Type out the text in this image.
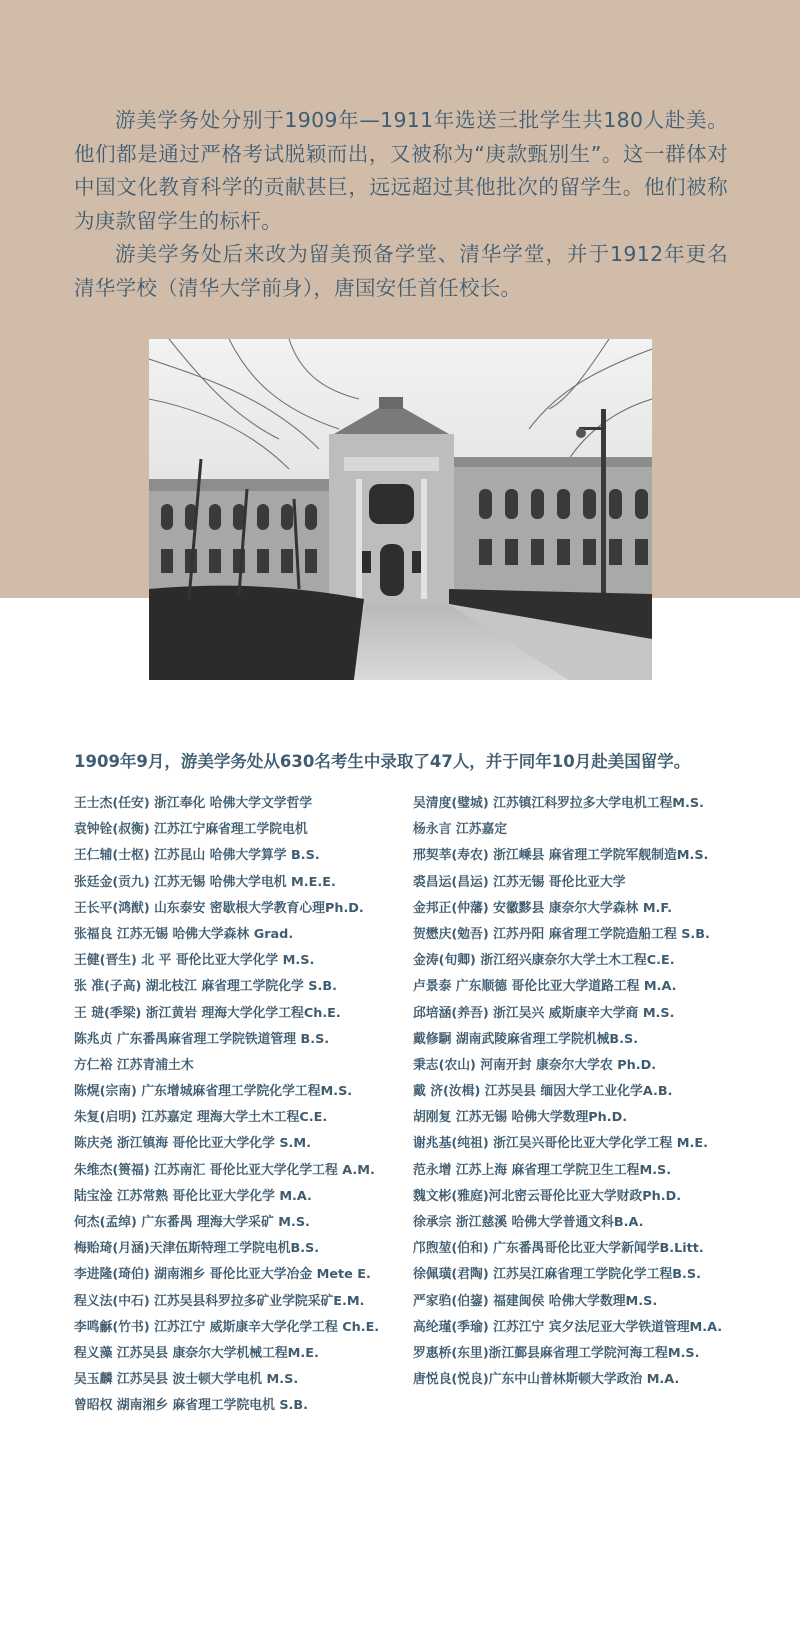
游美学务处分别于1909年—1911年选送三批学生共180人赴美。他们都是通过严格考试脱颖而出，又被称为“庚款甄别生”。这一群体对中国文化教育科学的贡献甚巨，远远超过其他批次的留学生。他们被称为庚款留学生的标杆。

游美学务处后来改为留美预备学堂、清华学堂，并于1912年更名清华学校（清华大学前身），唐国安任首任校长。

1909年9月，游美学务处从630名考生中录取了47人，并于同年10月赴美国留学。
王士杰(任安) 浙江奉化 哈佛大学文学哲学
袁钟铨(叔衡) 江苏江宁麻省理工学院电机
王仁辅(士枢) 江苏昆山 哈佛大学算学 B.S.
张廷金(贡九) 江苏无锡 哈佛大学电机 M.E.E.
王长平(鸿猷) 山东泰安 密歇根大学教育心理Ph.D.
张福良 江苏无锡 哈佛大学森林 Grad.
王健(晋生) 北 平 哥伦比亚大学化学 M.S.
张 准(子高) 湖北枝江 麻省理工学院化学 S.B.
王 琎(季梁) 浙江黄岩 理海大学化学工程Ch.E.
陈兆贞 广东番禺麻省理工学院铁道管理 B.S.
方仁裕 江苏青浦土木
陈熀(宗南) 广东增城麻省理工学院化学工程M.S.
朱复(启明) 江苏嘉定 理海大学土木工程C.E.
陈庆尧 浙江镇海 哥伦比亚大学化学 S.M.
朱维杰(篑福) 江苏南汇 哥伦比亚大学化学工程 A.M.
陆宝淦 江苏常熟 哥伦比亚大学化学 M.A.
何杰(孟绰) 广东番禺 理海大学采矿 M.S.
梅贻琦(月涵)天津伍斯特理工学院电机B.S.
李进隆(琦伯) 湖南湘乡 哥伦比亚大学冶金 Mete E.
程义法(中石) 江苏吴县科罗拉多矿业学院采矿E.M.
李鸣龢(竹书) 江苏江宁 威斯康辛大学化学工程 Ch.E.
程义藻 江苏吴县 康奈尔大学机械工程M.E.
吴玉麟 江苏吴县 波士顿大学电机 M.S.
曾昭权 湖南湘乡 麻省理工学院电机 S.B.
吴清度(璧城) 江苏镇江科罗拉多大学电机工程M.S.
杨永言 江苏嘉定
邢契莘(寿农) 浙江嵊县 麻省理工学院军舰制造M.S.
裘昌运(昌运) 江苏无锡 哥伦比亚大学
金邦正(仲藩) 安徽黟县 康奈尔大学森林 M.F.
贺懋庆(勉吾) 江苏丹阳 麻省理工学院造船工程 S.B.
金涛(旬卿) 浙江绍兴康奈尔大学土木工程C.E.
卢景泰 广东顺德 哥伦比亚大学道路工程 M.A.
邱培涵(养吾) 浙江吴兴 威斯康辛大学商 M.S.
戴修駉 湖南武陵麻省理工学院机械B.S.
秉志(农山) 河南开封 康奈尔大学农 Ph.D.
戴 济(汝楫) 江苏吴县 缅因大学工业化学A.B.
胡刚复 江苏无锡 哈佛大学数理Ph.D.
谢兆基(纯祖) 浙江吴兴哥伦比亚大学化学工程 M.E.
范永增 江苏上海 麻省理工学院卫生工程M.S.
魏文彬(雅庭)河北密云哥伦比亚大学财政Ph.D.
徐承宗 浙江慈溪 哈佛大学普通文科B.A.
邝煦堃(伯和) 广东番禺哥伦比亚大学新闻学B.Litt.
徐佩璜(君陶) 江苏吴江麻省理工学院化学工程B.S.
严家驺(伯鋆) 福建闽侯 哈佛大学数理M.S.
高纶瑾(季瑜) 江苏江宁 宾夕法尼亚大学铁道管理M.A.
罗惠桥(东里)浙江鄞县麻省理工学院河海工程M.S.
唐悦良(悦良)广东中山普林斯顿大学政治 M.A.
